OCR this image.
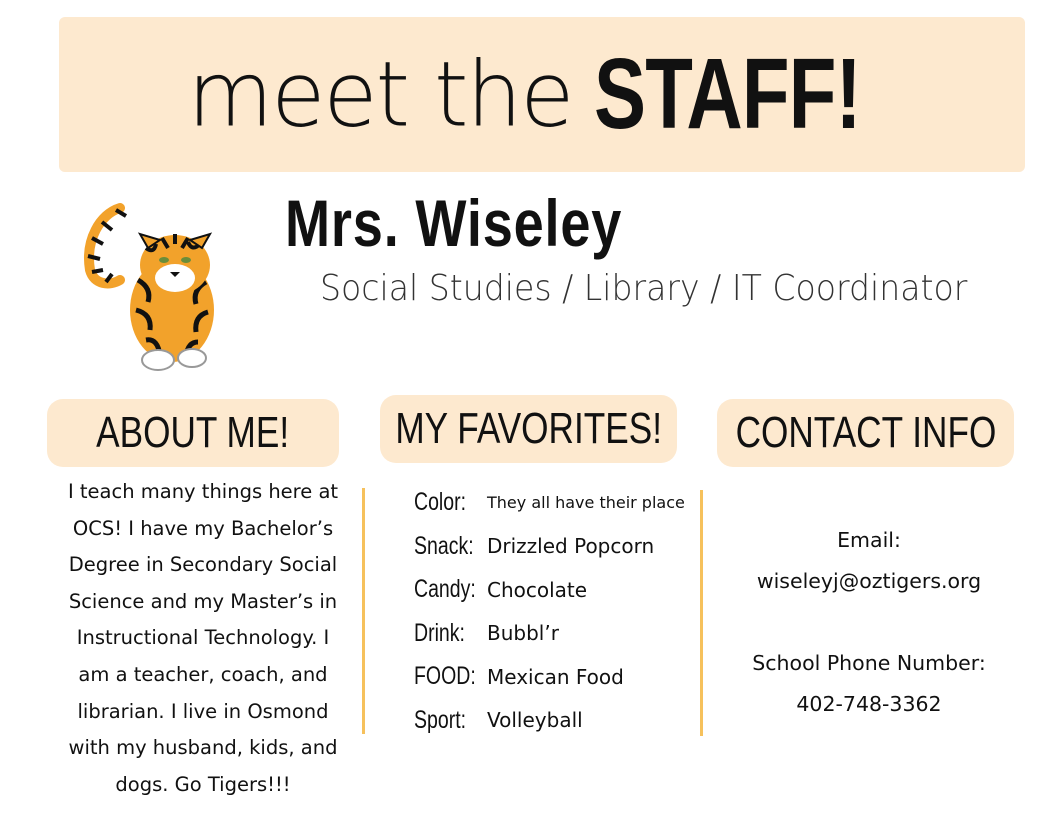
meet the STAFF!
Mrs. Wiseley
Social Studies / Library / IT Coordinator
ABOUT ME! MY FAVORITES! CONTACT INFO
I teach many things here at
OCS! I have my Bachelor’s
Degree in Secondary Social
Science and my Master’s in
Instructional Technology. I
am a teacher, coach, and
librarian. I live in Osmond
with my husband, kids, and
dogs. Go Tigers!!!
Color:	They all have their place
Snack: Drizzled Popcorn
Candy: Chocolate
Drink:	Bubbl’r
FOOD: Mexican Food
Sport: Volleyball
Email:
wiseleyj@oztigers.org
School Phone Number:
402-748-3362
